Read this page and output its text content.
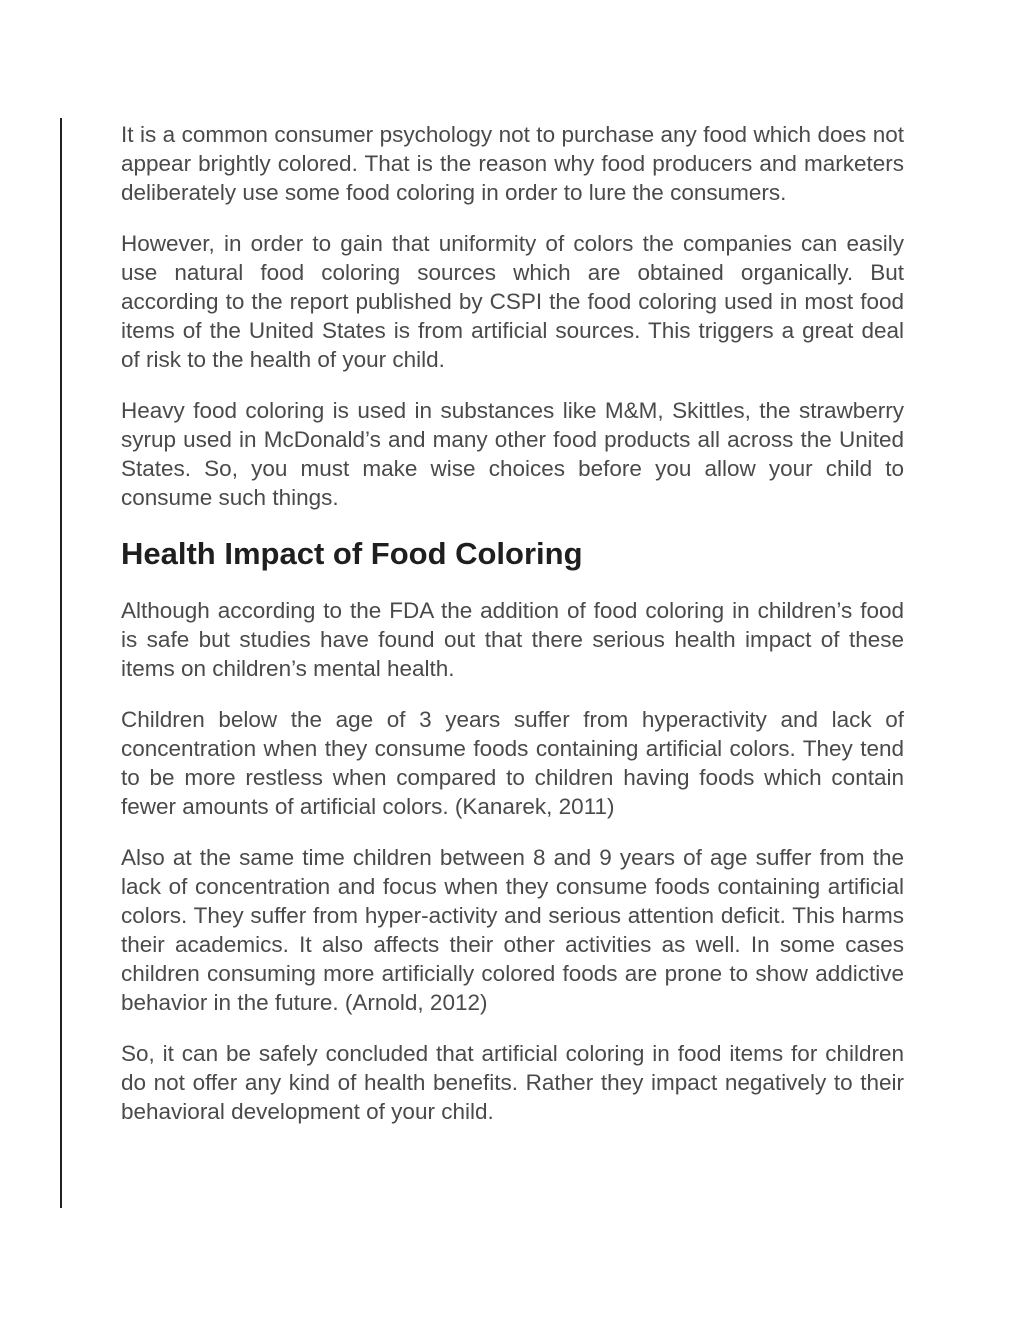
It is a common consumer psychology not to purchase any food which does not appear brightly colored. That is the reason why food producers and marketers deliberately use some food coloring in order to lure the consumers.

However, in order to gain that uniformity of colors the companies can easily use natural food coloring sources which are obtained organically. But according to the report published by CSPI the food coloring used in most food items of the United States is from artificial sources. This triggers a great deal of risk to the health of your child.

Heavy food coloring is used in substances like M&M, Skittles, the strawberry syrup used in McDonald’s and many other food products all across the United States. So, you must make wise choices before you allow your child to consume such things.

Health Impact of Food Coloring

Although according to the FDA the addition of food coloring in children’s food is safe but studies have found out that there serious health impact of these items on children’s mental health.

Children below the age of 3 years suffer from hyperactivity and lack of concentration when they consume foods containing artificial colors. They tend to be more restless when compared to children having foods which contain fewer amounts of artificial colors. (Kanarek, 2011)

Also at the same time children between 8 and 9 years of age suffer from the lack of concentration and focus when they consume foods containing artificial colors. They suffer from hyper-activity and serious attention deficit. This harms their academics. It also affects their other activities as well. In some cases children consuming more artificially colored foods are prone to show addictive behavior in the future. (Arnold, 2012)

So, it can be safely concluded that artificial coloring in food items for children do not offer any kind of health benefits. Rather they impact negatively to their behavioral development of your child.
